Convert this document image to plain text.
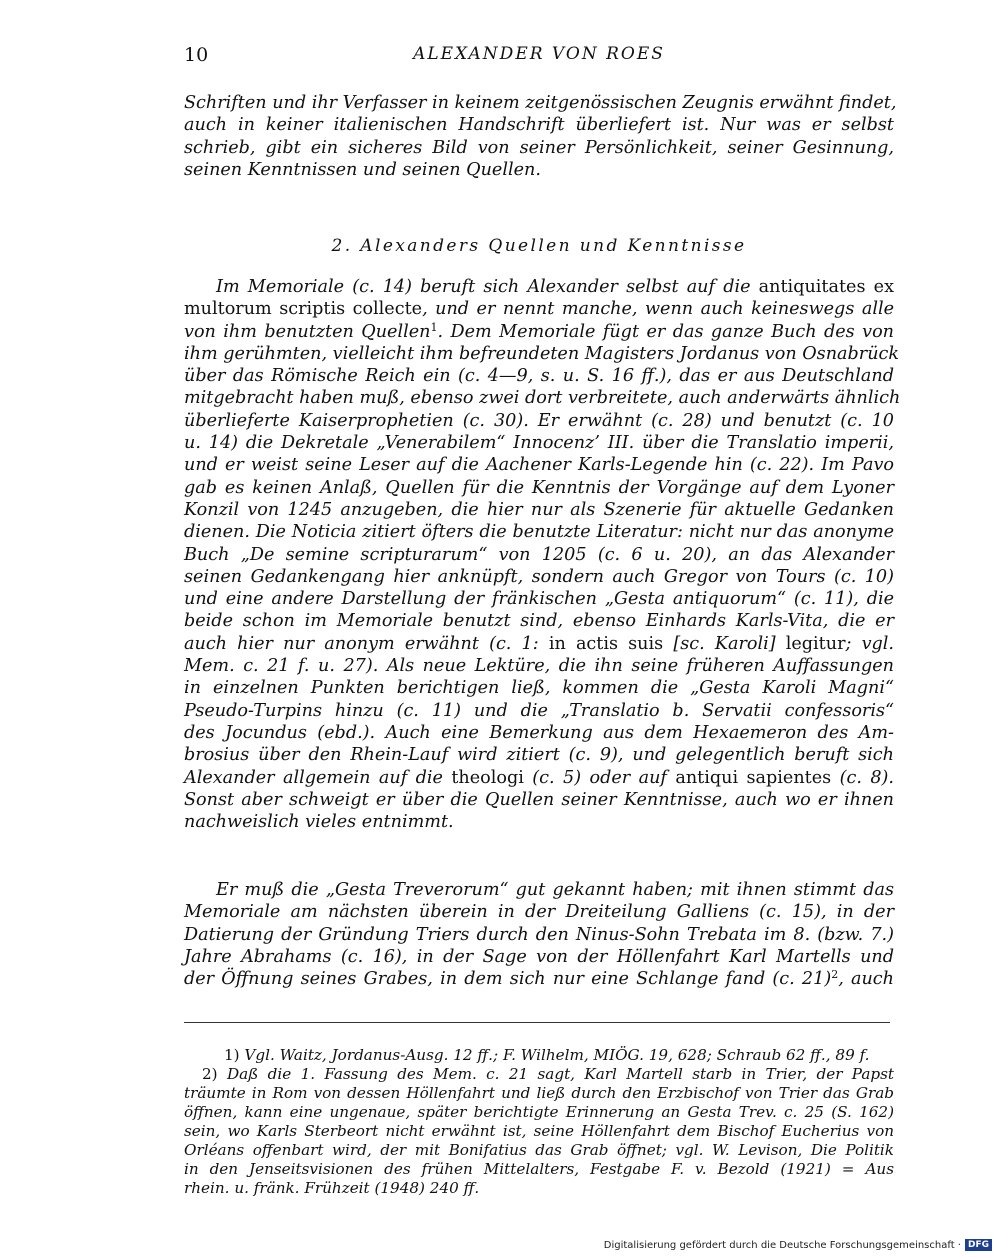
10	ALEXANDER VON ROES
Schriften und ihr Verfasser in keinem zeitgenössischen Zeugnis erwähnt findet,
auch in keiner italienischen Handschrift überliefert ist. Nur was er selbst
schrieb, gibt ein sicheres Bild von seiner Persönlichkeit, seiner Gesinnung,
seinen Kenntnissen und seinen Quellen.
2. Alexanders Quellen und Kenntnisse
Im Memoriale (c. 14) beruft sich Alexander selbst auf die antiquitates ex
multorum scriptis collecte, und er nennt manche, wenn auch keineswegs alle
von ihm benutzten Quellen$^1$. Dem Memoriale fügt er das ganze Buch des von
ihm gerühmten, vielleicht ihm befreundeten Magisters Jordanus von Osnabrück
über das Römische Reich ein (c. 4—9, s. u. S. 16 ff.), das er aus Deutschland
mitgebracht haben muß, ebenso zwei dort verbreitete, auch anderwärts ähnlich
überlieferte Kaiserprophetien (c. 30). Er erwähnt (c. 28) und benutzt (c. 10
u. 14) die Dekretale „Venerabilem“ Innocenz’ III. über die Translatio imperii,
und er weist seine Leser auf die Aachener Karls-Legende hin (c. 22). Im Pavo
gab es keinen Anlaß, Quellen für die Kenntnis der Vorgänge auf dem Lyoner
Konzil von 1245 anzugeben, die hier nur als Szenerie für aktuelle Gedanken
dienen. Die Noticia zitiert öfters die benutzte Literatur: nicht nur das anonyme
Buch „De semine scripturarum“ von 1205 (c. 6 u. 20), an das Alexander
seinen Gedankengang hier anknüpft, sondern auch Gregor von Tours (c. 10)
und eine andere Darstellung der fränkischen „Gesta antiquorum“ (c. 11), die
beide schon im Memoriale benutzt sind, ebenso Einhards Karls-Vita, die er
auch hier nur anonym erwähnt (c. 1: in actis suis [sc. Karoli] legitur; vgl.
Mem. c. 21 f. u. 27). Als neue Lektüre, die ihn seine früheren Auffassungen
in einzelnen Punkten berichtigen ließ, kommen die „Gesta Karoli Magni“
Pseudo-Turpins hinzu (c. 11) und die „Translatio b. Servatii confessoris“
des Jocundus (ebd.). Auch eine Bemerkung aus dem Hexaemeron des Am-
brosius über den Rhein-Lauf wird zitiert (c. 9), und gelegentlich beruft sich
Alexander allgemein auf die theologi (c. 5) oder auf antiqui sapientes (c. 8).
Sonst aber schweigt er über die Quellen seiner Kenntnisse, auch wo er ihnen
nachweislich vieles entnimmt.
Er muß die „Gesta Treverorum“ gut gekannt haben; mit ihnen stimmt das
Memoriale am nächsten überein in der Dreiteilung Galliens (c. 15), in der
Datierung der Gründung Triers durch den Ninus-Sohn Trebata im 8. (bzw. 7.)
Jahre Abrahams (c. 16), in der Sage von der Höllenfahrt Karl Martells und
der Öffnung seines Grabes, in dem sich nur eine Schlange fand (c. 21)$^2$, auch
1) Vgl. Waitz, Jordanus-Ausg. 12 ff.; F. Wilhelm, MIÖG. 19, 628; Schraub 62 ff., 89 f.
2) Daß die 1. Fassung des Mem. c. 21 sagt, Karl Martell starb in Trier, der Papst
träumte in Rom von dessen Höllenfahrt und ließ durch den Erzbischof von Trier das Grab
öffnen, kann eine ungenaue, später berichtigte Erinnerung an Gesta Trev. c. 25 (S. 162)
sein, wo Karls Sterbeort nicht erwähnt ist, seine Höllenfahrt dem Bischof Eucherius von
Orléans offenbart wird, der mit Bonifatius das Grab öffnet; vgl. W. Levison, Die Politik
in den Jenseitsvisionen des frühen Mittelalters, Festgabe F. v. Bezold (1921) = Aus
rhein. u. fränk. Frühzeit (1948) 240 ff.
Digitalisierung gefördert durch die Deutsche Forschungsgemeinschaft · DFG
